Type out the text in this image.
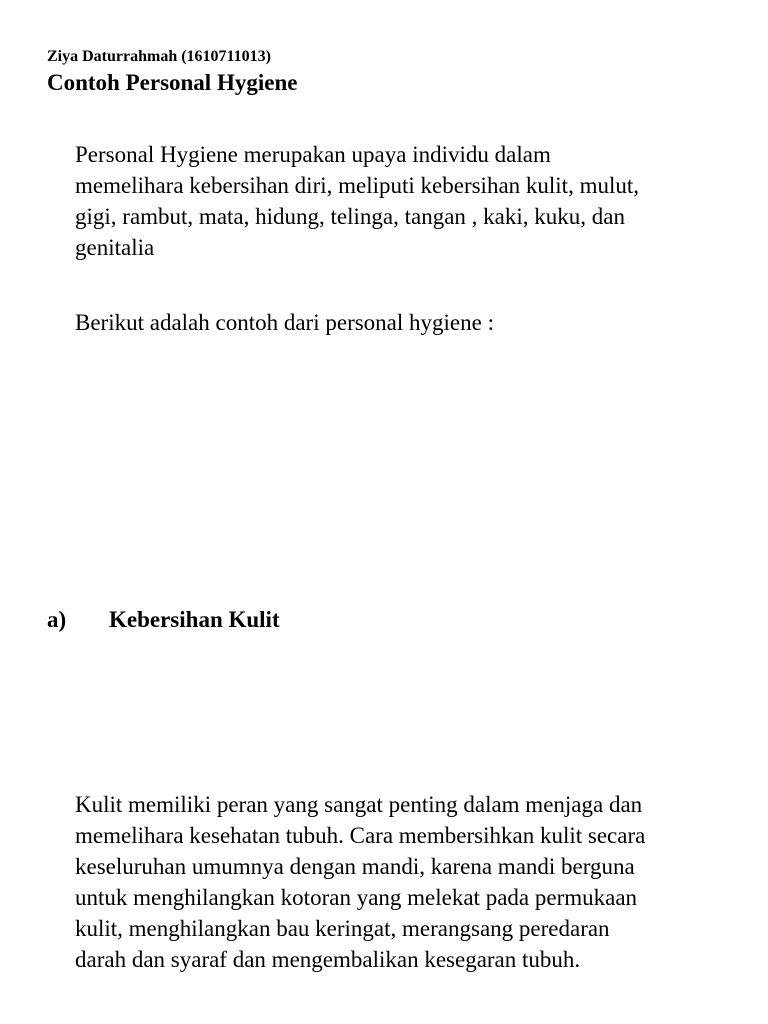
Ziya Daturrahmah (1610711013)
Contoh Personal Hygiene
Personal Hygiene merupakan upaya individu dalam
memelihara kebersihan diri, meliputi kebersihan kulit, mulut,
gigi, rambut, mata, hidung, telinga, tangan , kaki, kuku, dan
genitalia
Berikut adalah contoh dari personal hygiene :
a) Kebersihan Kulit
Kulit memiliki peran yang sangat penting dalam menjaga dan
memelihara kesehatan tubuh. Cara membersihkan kulit secara
keseluruhan umumnya dengan mandi, karena mandi berguna
untuk menghilangkan kotoran yang melekat pada permukaan
kulit, menghilangkan bau keringat, merangsang peredaran
darah dan syaraf dan mengembalikan kesegaran tubuh.
